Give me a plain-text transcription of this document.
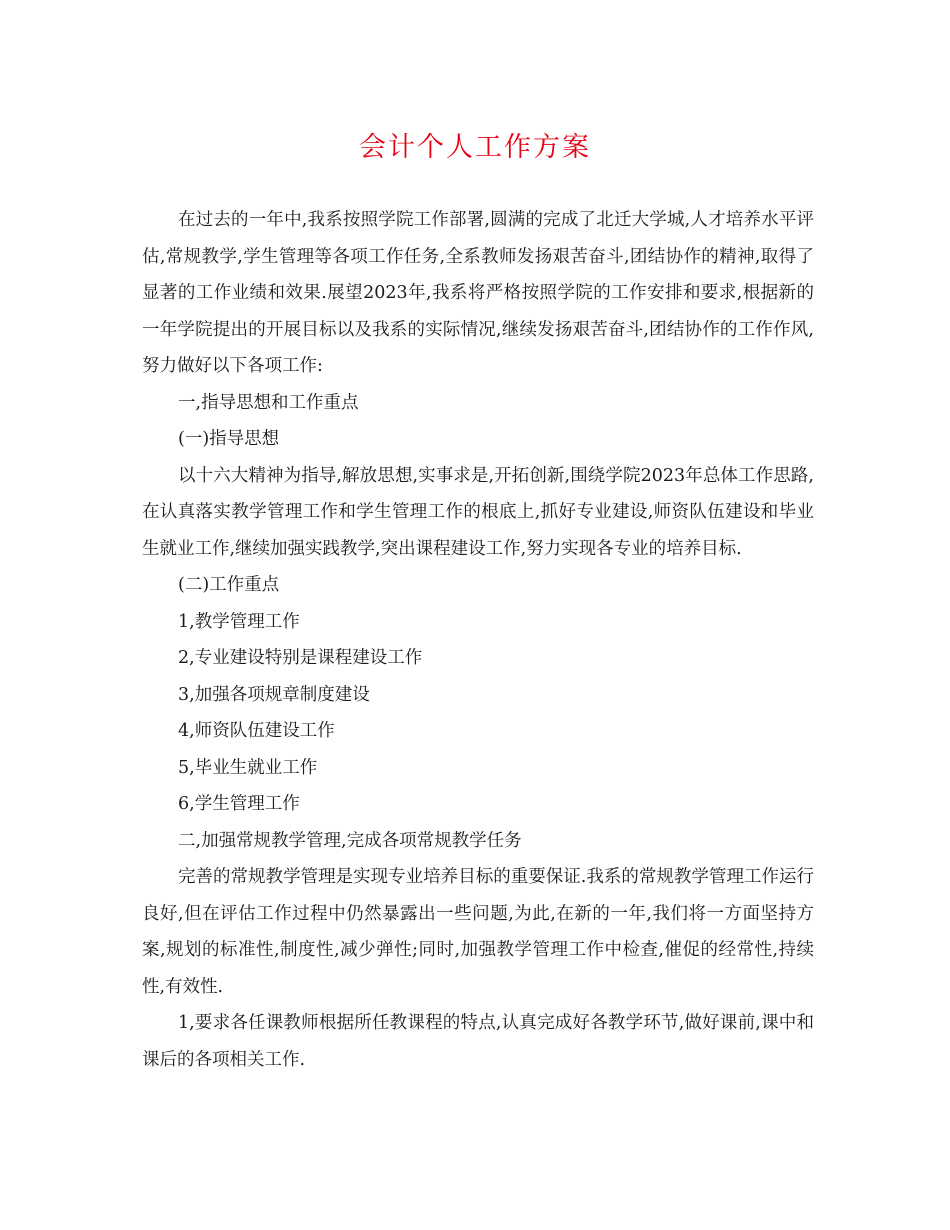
会计个人工作方案

在过去的一年中,我系按照学院工作部署,圆满的完成了北迁大学城,人才培养水平评估,常规教学,学生管理等各项工作任务,全系教师发扬艰苦奋斗,团结协作的精神,取得了显著的工作业绩和效果.展望2023年,我系将严格按照学院的工作安排和要求,根据新的一年学院提出的开展目标以及我系的实际情况,继续发扬艰苦奋斗,团结协作的工作作风,努力做好以下各项工作:

一,指导思想和工作重点

(一)指导思想

以十六大精神为指导,解放思想,实事求是,开拓创新,围绕学院2023年总体工作思路,在认真落实教学管理工作和学生管理工作的根底上,抓好专业建设,师资队伍建设和毕业生就业工作,继续加强实践教学,突出课程建设工作,努力实现各专业的培养目标.

(二)工作重点

1,教学管理工作

2,专业建设特别是课程建设工作

3,加强各项规章制度建设

4,师资队伍建设工作

5,毕业生就业工作

6,学生管理工作

二,加强常规教学管理,完成各项常规教学任务

完善的常规教学管理是实现专业培养目标的重要保证.我系的常规教学管理工作运行良好,但在评估工作过程中仍然暴露出一些问题,为此,在新的一年,我们将一方面坚持方案,规划的标准性,制度性,减少弹性;同时,加强教学管理工作中检查,催促的经常性,持续性,有效性.

1,要求各任课教师根据所任教课程的特点,认真完成好各教学环节,做好课前,课中和课后的各项相关工作.
